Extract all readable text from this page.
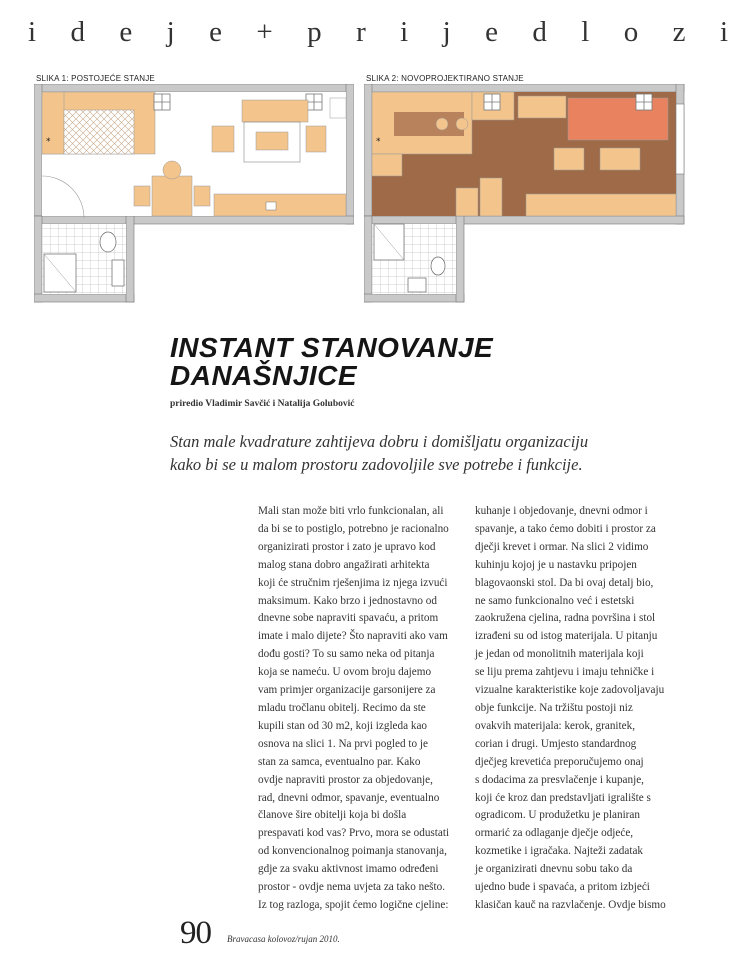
i d e j e + p r i j e d l o z i
SLIKA 1: POSTOJEĆE STANJE	SLIKA 2: NOVOPROJEKTIRANO STANJE
*	*
INSTANT STANOVANJE
DANAŠNJICE
priredio Vladimir Savčić i Natalija Golubović
Stan male kvadrature zahtijeva dobru i domišljatu organizaciju
kako bi se u malom prostoru zadovoljile sve potrebe i funkcije.
Mali stan može biti vrlo funkcionalan, ali
da bi se to postiglo, potrebno je racionalno
organizirati prostor i zato je upravo kod
malog stana dobro angažirati arhitekta
koji će stručnim rješenjima iz njega izvući
maksimum. Kako brzo i jednostavno od
dnevne sobe napraviti spavaću, a pritom
imate i malo dijete? Što napraviti ako vam
dođu gosti? To su samo neka od pitanja
koja se nameću. U ovom broju dajemo
vam primjer organizacije garsonijere za
mladu tročlanu obitelj. Recimo da ste
kupili stan od 30 m2, koji izgleda kao
osnova na slici 1. Na prvi pogled to je
stan za samca, eventualno par. Kako
ovdje napraviti prostor za objedovanje,
rad, dnevni odmor, spavanje, eventualno
članove šire obitelji koja bi došla
prespavati kod vas? Prvo, mora se odustati
od konvencionalnog poimanja stanovanja,
gdje za svaku aktivnost imamo određeni
prostor - ovdje nema uvjeta za tako nešto.
Iz tog razloga, spojit ćemo logične cjeline:
kuhanje i objedovanje, dnevni odmor i
spavanje, a tako ćemo dobiti i prostor za
dječji krevet i ormar. Na slici 2 vidimo
kuhinju kojoj je u nastavku pripojen
blagovaonski stol. Da bi ovaj detalj bio,
ne samo funkcionalno već i estetski
zaokružena cjelina, radna površina i stol
izrađeni su od istog materijala. U pitanju
je jedan od monolitnih materijala koji
se liju prema zahtjevu i imaju tehničke i
vizualne karakteristike koje zadovoljavaju
obje funkcije. Na tržištu postoji niz
ovakvih materijala: kerok, granitek,
corian i drugi. Umjesto standardnog
dječjeg krevetića preporučujemo onaj
s dodacima za presvlačenje i kupanje,
koji će kroz dan predstavljati igralište s
ogradicom. U produžetku je planiran
ormarić za odlaganje dječje odjeće,
kozmetike i igračaka. Najteži zadatak
je organizirati dnevnu sobu tako da
ujedno bude i spavaća, a pritom izbjeći
klasičan kauč na razvlačenje. Ovdje bismo
90 Bravacasa kolovoz/rujan 2010.
